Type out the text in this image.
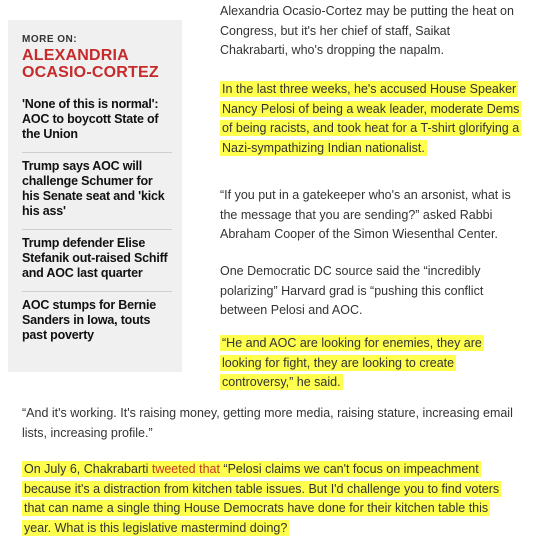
MORE ON:
ALEXANDRIA
OCASIO-CORTEZ
'None of this is normal': AOC to boycott State of the Union
Trump says AOC will challenge Schumer for his Senate seat and 'kick his ass'
Trump defender Elise Stefanik out-raised Schiff and AOC last quarter
AOC stumps for Bernie Sanders in Iowa, touts past poverty

Alexandria Ocasio-Cortez may be putting the heat on Congress, but it's her chief of staff, Saikat Chakrabarti, who's dropping the napalm.

In the last three weeks, he's accused House Speaker Nancy Pelosi of being a weak leader, moderate Dems of being racists, and took heat for a T-shirt glorifying a Nazi-sympathizing Indian nationalist.

“If you put in a gatekeeper who's an arsonist, what is the message that you are sending?” asked Rabbi Abraham Cooper of the Simon Wiesenthal Center.

One Democratic DC source said the “incredibly polarizing” Harvard grad is “pushing this conflict between Pelosi and AOC.

“He and AOC are looking for enemies, they are looking for fight, they are looking to create controversy,” he said.

“And it's working. It's raising money, getting more media, raising stature, increasing email lists, increasing profile.”

On July 6, Chakrabarti tweeted that “Pelosi claims we can't focus on impeachment because it's a distraction from kitchen table issues. But I'd challenge you to find voters that can name a single thing House Democrats have done for their kitchen table this year. What is this legislative mastermind doing?
